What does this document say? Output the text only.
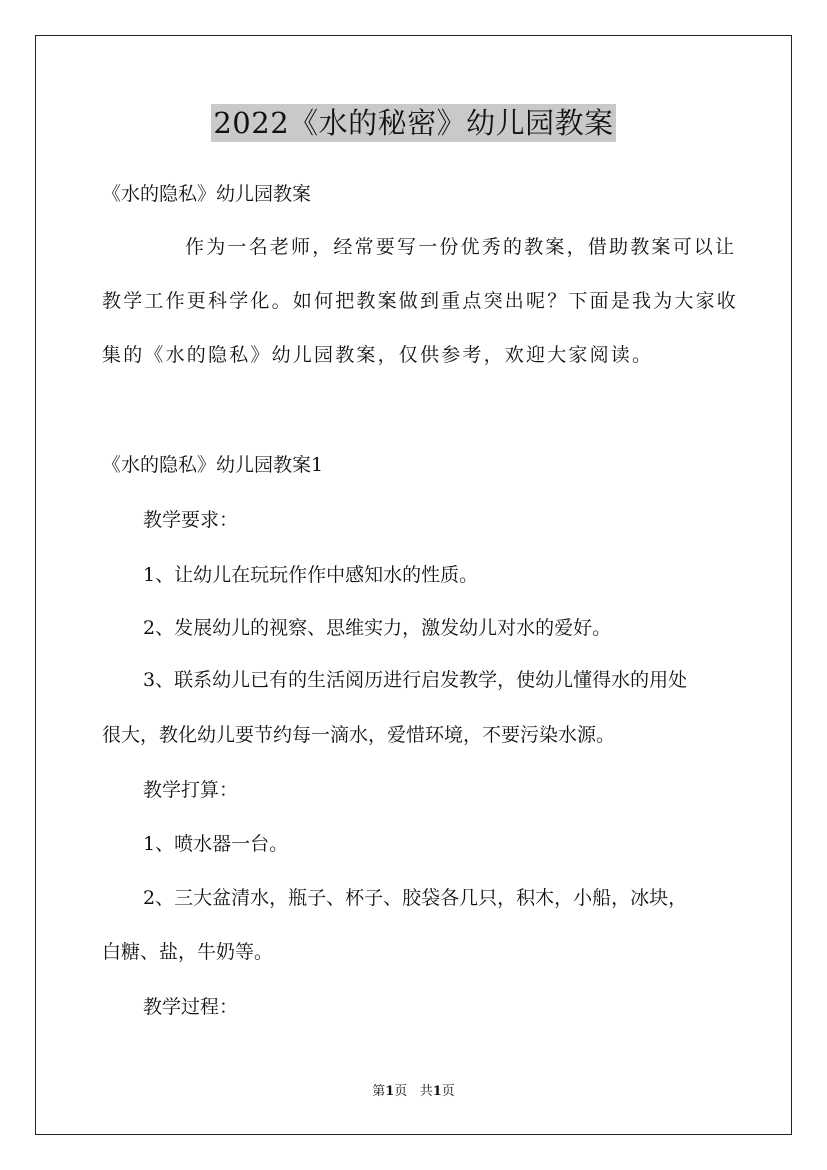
2022《水的秘密》幼儿园教案
《水的隐私》幼儿园教案
作为一名老师，经常要写一份优秀的教案，借助教案可以让
教学工作更科学化。如何把教案做到重点突出呢？下面是我为大家收
集的《水的隐私》幼儿园教案，仅供参考，欢迎大家阅读。
《水的隐私》幼儿园教案1
教学要求：
1、让幼儿在玩玩作作中感知水的性质。
2、发展幼儿的视察、思维实力，激发幼儿对水的爱好。
3、联系幼儿已有的生活阅历进行启发教学，使幼儿懂得水的用处
很大，教化幼儿要节约每一滴水，爱惜环境，不要污染水源。
教学打算：
1、喷水器一台。
2、三大盆清水，瓶子、杯子、胶袋各几只，积木，小船，冰块，
白糖、盐，牛奶等。
教学过程：
第1页 共1页
